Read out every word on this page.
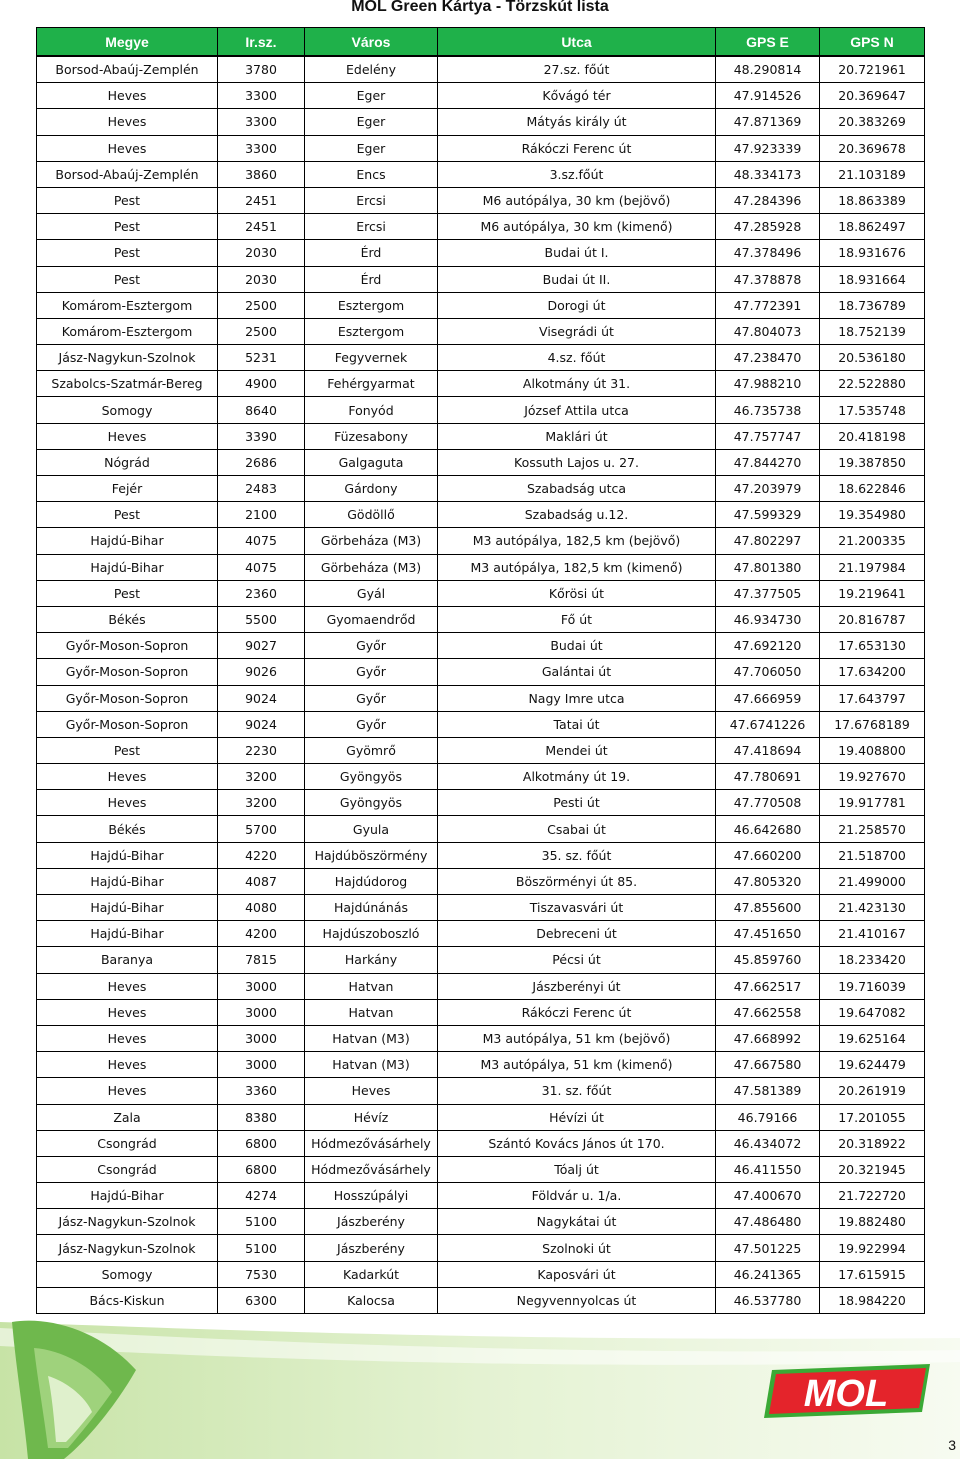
MOL Green Kártya - Törzskút lista
Megye	Ir.sz.	Város	Utca	GPS E	GPS N
Borsod-Abaúj-Zemplén	3780	Edelény	27.sz. főút	48.290814	20.721961
Heves	3300	Eger	Kővágó tér	47.914526	20.369647
Heves	3300	Eger	Mátyás király út	47.871369	20.383269
Heves	3300	Eger	Rákóczi Ferenc út	47.923339	20.369678
Borsod-Abaúj-Zemplén	3860	Encs	3.sz.főút	48.334173	21.103189
Pest	2451	Ercsi	M6 autópálya, 30 km (bejövő)	47.284396	18.863389
Pest	2451	Ercsi	M6 autópálya, 30 km (kimenő)	47.285928	18.862497
Pest	2030	Érd	Budai út I.	47.378496	18.931676
Pest	2030	Érd	Budai út II.	47.378878	18.931664
Komárom-Esztergom	2500	Esztergom	Dorogi út	47.772391	18.736789
Komárom-Esztergom	2500	Esztergom	Visegrádi út	47.804073	18.752139
Jász-Nagykun-Szolnok	5231	Fegyvernek	4.sz. főút	47.238470	20.536180
Szabolcs-Szatmár-Bereg	4900	Fehérgyarmat	Alkotmány út 31.	47.988210	22.522880
Somogy	8640	Fonyód	József Attila utca	46.735738	17.535748
Heves	3390	Füzesabony	Maklári út	47.757747	20.418198
Nógrád	2686	Galgaguta	Kossuth Lajos u. 27.	47.844270	19.387850
Fejér	2483	Gárdony	Szabadság utca	47.203979	18.622846
Pest	2100	Gödöllő	Szabadság u.12.	47.599329	19.354980
Hajdú-Bihar	4075	Görbeháza (M3)	M3 autópálya, 182,5 km (bejövő)	47.802297	21.200335
Hajdú-Bihar	4075	Görbeháza (M3)	M3 autópálya, 182,5 km (kimenő)	47.801380	21.197984
Pest	2360	Gyál	Kőrösi út	47.377505	19.219641
Békés	5500	Gyomaendrőd	Fő út	46.934730	20.816787
Győr-Moson-Sopron	9027	Győr	Budai út	47.692120	17.653130
Győr-Moson-Sopron	9026	Győr	Galántai út	47.706050	17.634200
Győr-Moson-Sopron	9024	Győr	Nagy Imre utca	47.666959	17.643797
Győr-Moson-Sopron	9024	Győr	Tatai út	47.6741226	17.6768189
Pest	2230	Gyömrő	Mendei út	47.418694	19.408800
Heves	3200	Gyöngyös	Alkotmány út 19.	47.780691	19.927670
Heves	3200	Gyöngyös	Pesti út	47.770508	19.917781
Békés	5700	Gyula	Csabai út	46.642680	21.258570
Hajdú-Bihar	4220	Hajdúböszörmény	35. sz. főút	47.660200	21.518700
Hajdú-Bihar	4087	Hajdúdorog	Böszörményi út 85.	47.805320	21.499000
Hajdú-Bihar	4080	Hajdúnánás	Tiszavasvári út	47.855600	21.423130
Hajdú-Bihar	4200	Hajdúszoboszló	Debreceni út	47.451650	21.410167
Baranya	7815	Harkány	Pécsi út	45.859760	18.233420
Heves	3000	Hatvan	Jászberényi út	47.662517	19.716039
Heves	3000	Hatvan	Rákóczi Ferenc út	47.662558	19.647082
Heves	3000	Hatvan (M3)	M3 autópálya, 51 km (bejövő)	47.668992	19.625164
Heves	3000	Hatvan (M3)	M3 autópálya, 51 km (kimenő)	47.667580	19.624479
Heves	3360	Heves	31. sz. főút	47.581389	20.261919
Zala	8380	Hévíz	Hévízi út	46.79166	17.201055
Csongrád	6800	Hódmezővásárhely	Szántó Kovács János út 170.	46.434072	20.318922
Csongrád	6800	Hódmezővásárhely	Tóalj út	46.411550	20.321945
Hajdú-Bihar	4274	Hosszúpályi	Földvár u. 1/a.	47.400670	21.722720
Jász-Nagykun-Szolnok	5100	Jászberény	Nagykátai út	47.486480	19.882480
Jász-Nagykun-Szolnok	5100	Jászberény	Szolnoki út	47.501225	19.922994
Somogy	7530	Kadarkút	Kaposvári út	46.241365	17.615915
Bács-Kiskun	6300	Kalocsa	Negyvennyolcas út	46.537780	18.984220
MOL
3
